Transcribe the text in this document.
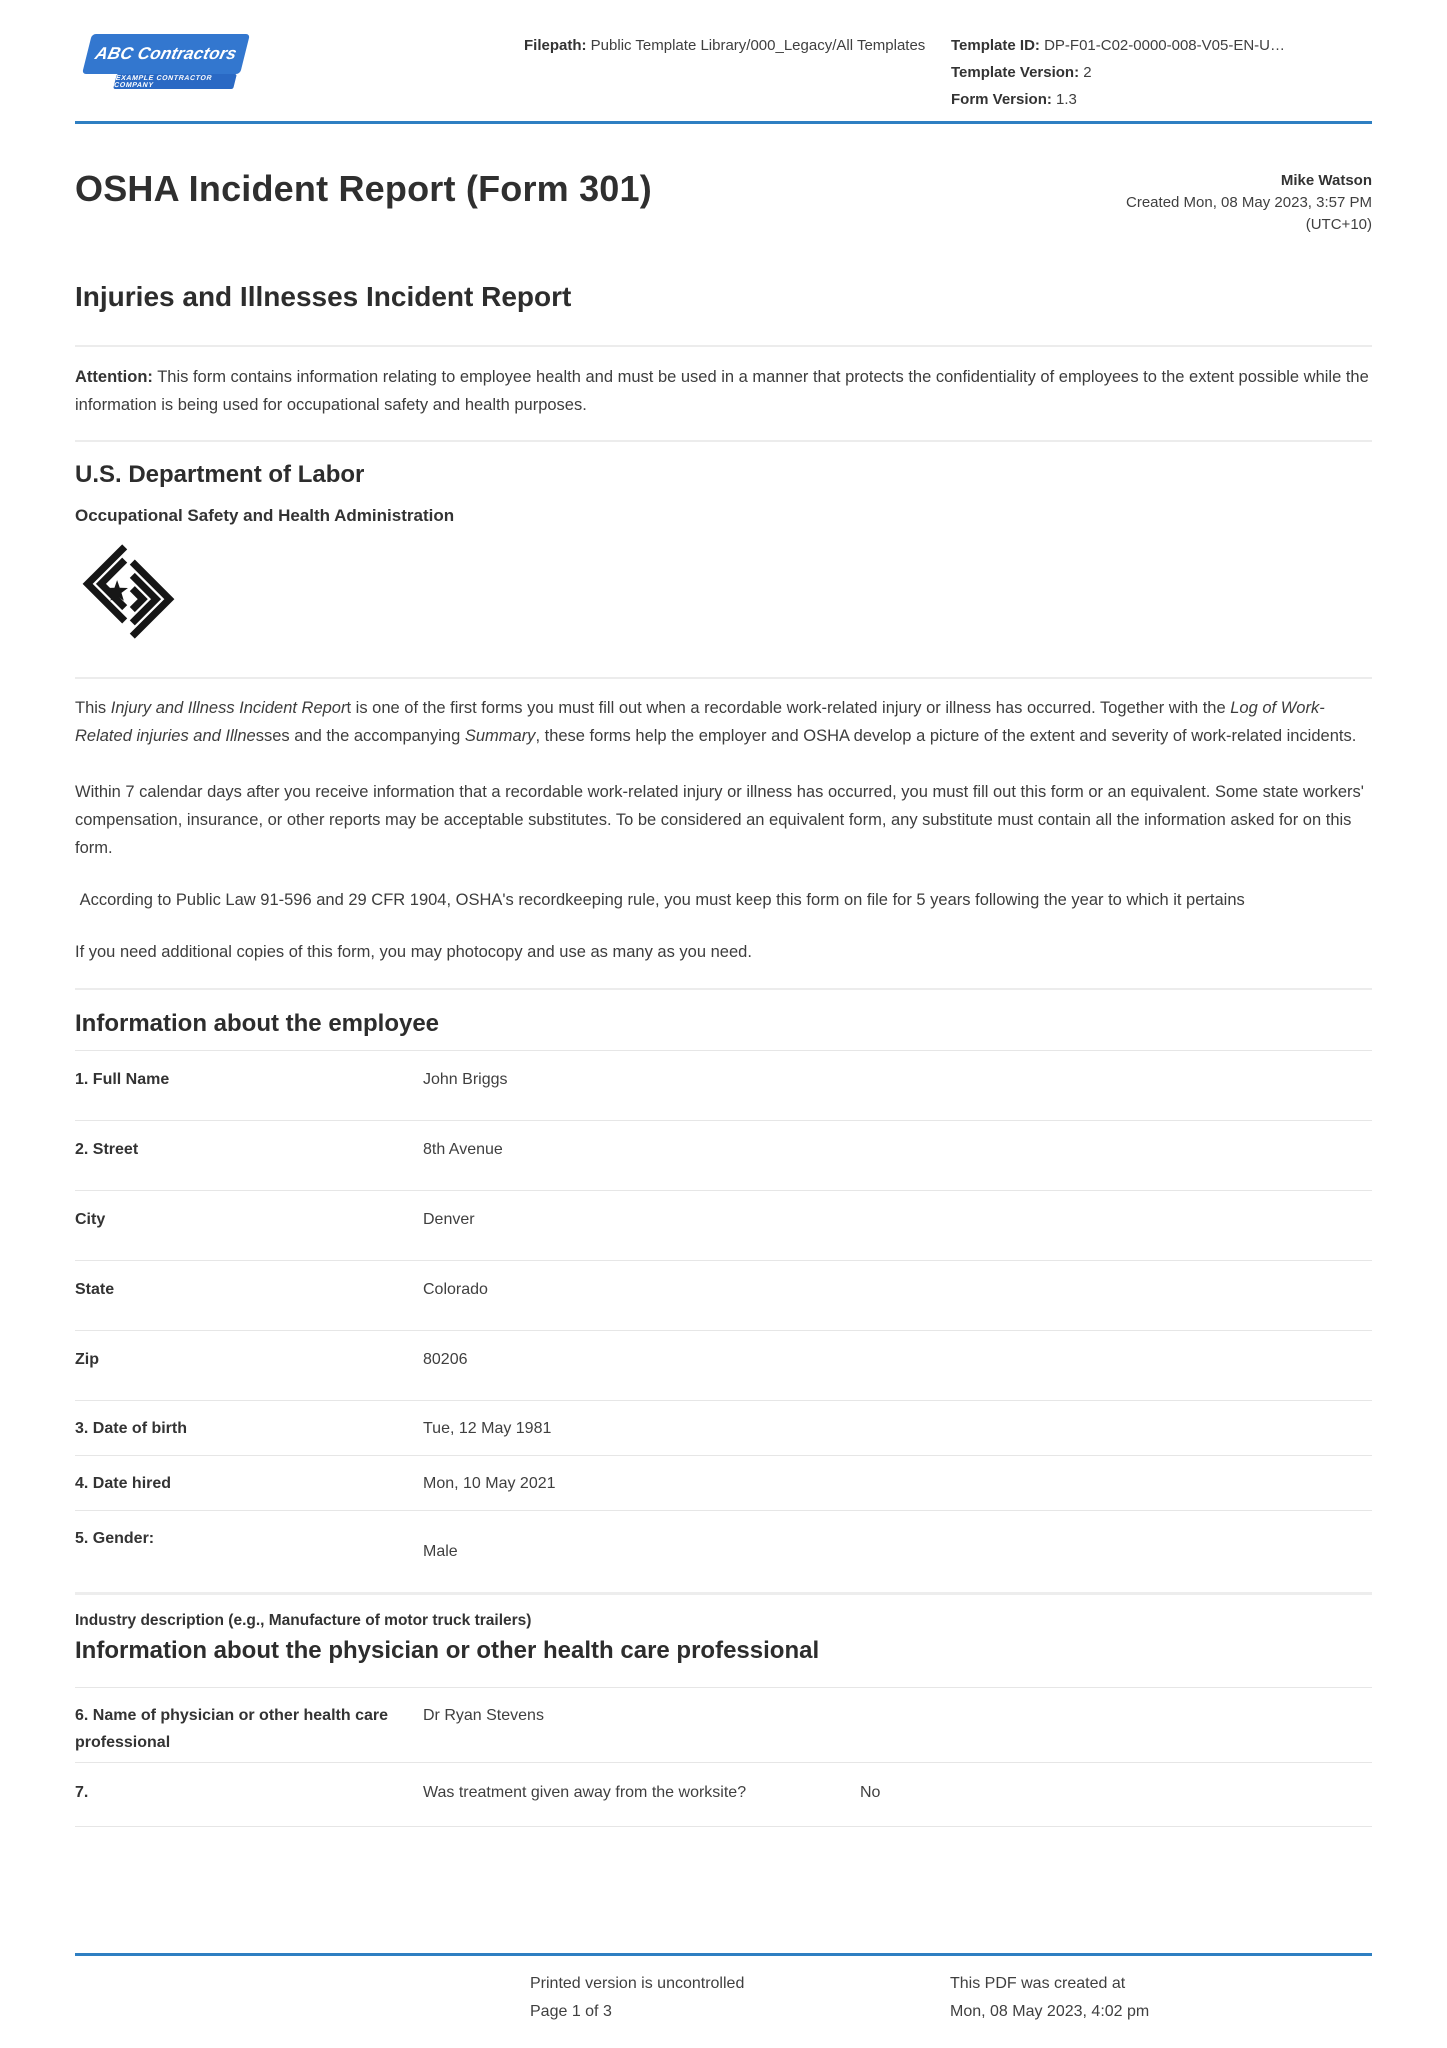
ABC Contractors
EXAMPLE CONTRACTOR COMPANY
Filepath: Public Template Library/000_Legacy/All Templates	Template ID: DP-F01-C02-0000-008-V05-EN-U…
Template Version: 2
Form Version: 1.3
OSHA Incident Report (Form 301)	Mike Watson
Created Mon, 08 May 2023, 3:57 PM
(UTC+10)
Injuries and Illnesses Incident Report

Attention: This form contains information relating to employee health and must be used in a manner that protects the confidentiality of employees to the extent possible while the information is being used for occupational safety and health purposes.

U.S. Department of Labor
Occupational Safety and Health Administration

This Injury and Illness Incident Report is one of the first forms you must fill out when a recordable work-related injury or illness has occurred. Together with the Log of Work-Related injuries and Illnesses and the accompanying Summary, these forms help the employer and OSHA develop a picture of the extent and severity of work-related incidents.

Within 7 calendar days after you receive information that a recordable work-related injury or illness has occurred, you must fill out this form or an equivalent. Some state workers' compensation, insurance, or other reports may be acceptable substitutes. To be considered an equivalent form, any substitute must contain all the information asked for on this form.

According to Public Law 91-596 and 29 CFR 1904, OSHA's recordkeeping rule, you must keep this form on file for 5 years following the year to which it pertains

If you need additional copies of this form, you may photocopy and use as many as you need.

Information about the employee
1. Full Name	John Briggs
2. Street	8th Avenue
City	Denver
State	Colorado
Zip	80206
3. Date of birth	Tue, 12 May 1981
4. Date hired	Mon, 10 May 2021
5. Gender:
Male
Industry description (e.g., Manufacture of motor truck trailers)
Information about the physician or other health care professional
6. Name of physician or other health care professional
Dr Ryan Stevens
7.	Was treatment given away from the worksite?	No
Printed version is uncontrolled
Page 1 of 3
This PDF was created at
Mon, 08 May 2023, 4:02 pm
